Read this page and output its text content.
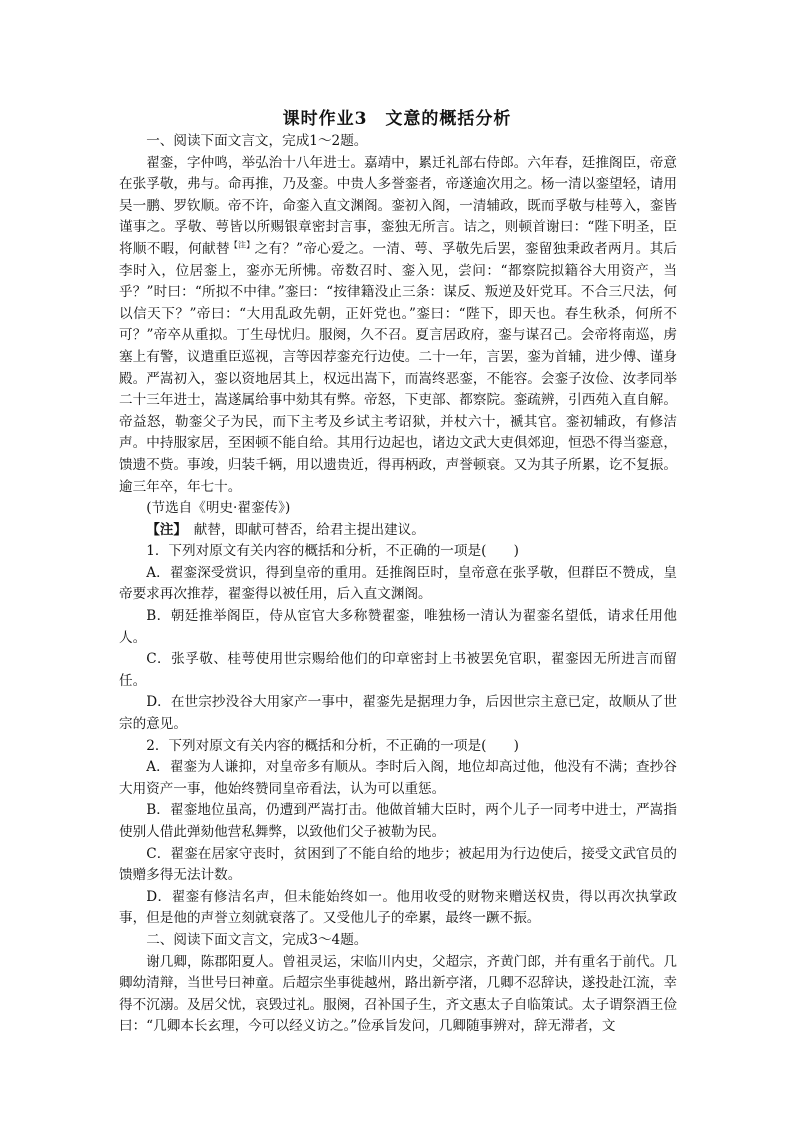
课时作业3　文意的概括分析

一、阅读下面文言文，完成1～2题。

翟銮，字仲鸣，举弘治十八年进士。嘉靖中，累迁礼部右侍郎。六年春，廷推阁臣，帝意在张孚敬，弗与。命再推，乃及銮。中贵人多誉銮者，帝遂逾次用之。杨一清以銮望轻，请用吴一鹏、罗钦顺。帝不许，命銮入直文渊阁。銮初入阁，一清辅政，既而孚敬与桂萼入，銮皆谨事之。孚敬、萼皆以所赐银章密封言事，銮独无所言。诘之，则顿首谢曰：“陛下明圣，臣将顺不暇，何献替$^{【注】}$之有？”帝心爱之。一清、萼、孚敬先后罢，銮留独秉政者两月。其后李时入，位居銮上，銮亦无所怫。帝数召时、銮入见，尝问：“都察院拟籍谷大用资产，当乎？”时曰：“所拟不中律。”銮曰：“按律籍没止三条：谋反、叛逆及奸党耳。不合三尺法，何以信天下？”帝曰：“大用乱政先朝，正奸党也。”銮曰：“陛下，即天也。春生秋杀，何所不可？”帝卒从重拟。丁生母忧归。服阕，久不召。夏言居政府，銮与谋召己。会帝将南巡，虏塞上有警，议遣重臣巡视，言等因荐銮充行边使。二十一年，言罢，銮为首辅，进少傅、谨身殿。严嵩初入，銮以资地居其上，权远出嵩下，而嵩终恶銮，不能容。会銮子汝俭、汝孝同举二十三年进士，嵩遂属给事中劾其有弊。帝怒，下吏部、都察院。銮疏辨，引西苑入直自解。帝益怒，勒銮父子为民，而下主考及乡试主考诏狱，并杖六十，褫其官。銮初辅政，有修洁声。中持服家居，至困顿不能自给。其用行边起也，诸边文武大吏俱郊迎，恒恐不得当銮意，馈遗不赀。事竣，归装千辆，用以遗贵近，得再柄政，声誉顿衰。又为其子所累，讫不复振。逾三年卒，年七十。

(节选自《明史·翟銮传》)

【注】　 献替，即献可替否，给君主提出建议。

1．下列对原文有关内容的概括和分析，不正确的一项是(　　)

A．翟銮深受赏识，得到皇帝的重用。廷推阁臣时，皇帝意在张孚敬，但群臣不赞成，皇帝要求再次推荐，翟銮得以被任用，后入直文渊阁。

B．朝廷推举阁臣，侍从宦官大多称赞翟銮，唯独杨一清认为翟銮名望低，请求任用他人。

C．张孚敬、桂萼使用世宗赐给他们的印章密封上书被罢免官职，翟銮因无所进言而留任。

D．在世宗抄没谷大用家产一事中，翟銮先是据理力争，后因世宗主意已定，故顺从了世宗的意见。

2．下列对原文有关内容的概括和分析，不正确的一项是(　　)

A．翟銮为人谦抑，对皇帝多有顺从。李时后入阁，地位却高过他，他没有不满；查抄谷大用资产一事，他始终赞同皇帝看法，认为可以重惩。

B．翟銮地位虽高，仍遭到严嵩打击。他做首辅大臣时，两个儿子一同考中进士，严嵩指使别人借此弹劾他营私舞弊，以致他们父子被勒为民。

C．翟銮在居家守丧时，贫困到了不能自给的地步；被起用为行边使后，接受文武官员的馈赠多得无法计数。

D．翟銮有修洁名声，但未能始终如一。他用收受的财物来赠送权贵，得以再次执掌政事，但是他的声誉立刻就衰落了。又受他儿子的牵累，最终一蹶不振。

二、阅读下面文言文，完成3～4题。

谢几卿，陈郡阳夏人。曾祖灵运，宋临川内史，父超宗，齐黄门郎，并有重名于前代。几卿幼清辩，当世号曰神童。后超宗坐事徙越州，路出新亭渚，几卿不忍辞诀，遂投赴江流，幸得不沉溺。及居父忧，哀毁过礼。服阕，召补国子生，齐文惠太子自临策试。太子谓祭酒王俭曰：“几卿本长玄理，今可以经义访之。”俭承旨发问，几卿随事辨对，辞无滞者，文
